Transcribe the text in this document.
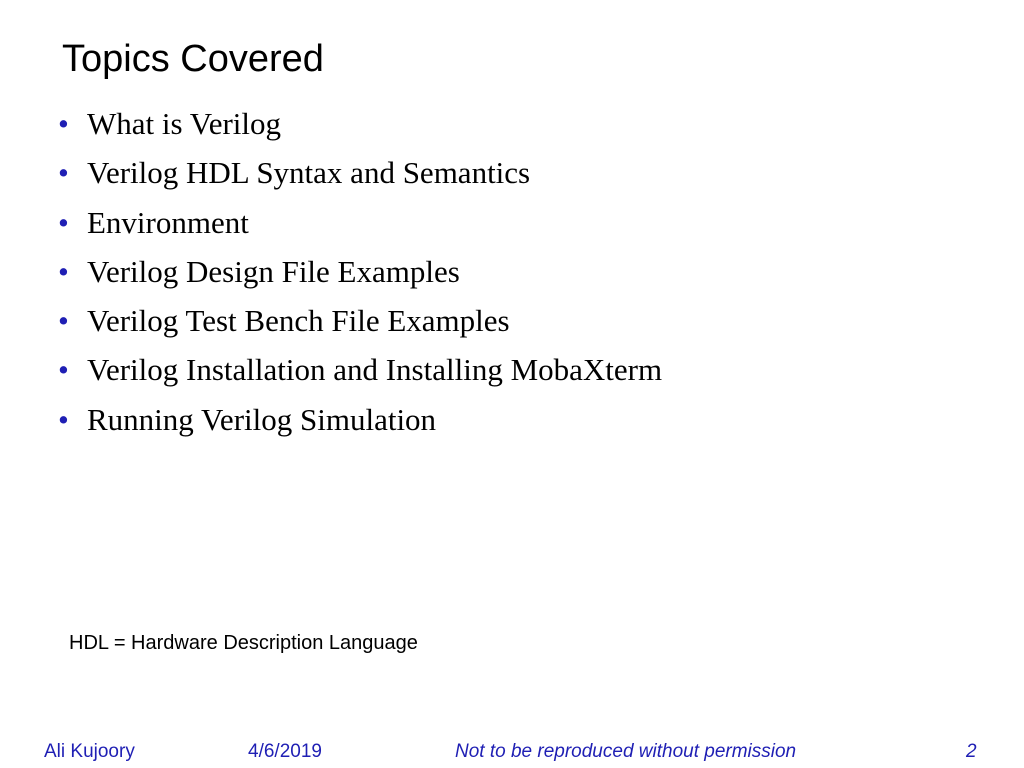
Topics Covered
• What is Verilog
• Verilog HDL Syntax and Semantics
• Environment
• Verilog Design File Examples
• Verilog Test Bench File Examples
• Verilog Installation and Installing MobaXterm
• Running Verilog Simulation
HDL = Hardware Description Language
Ali Kujoory	4/6/2019	Not to be reproduced without permission	2
